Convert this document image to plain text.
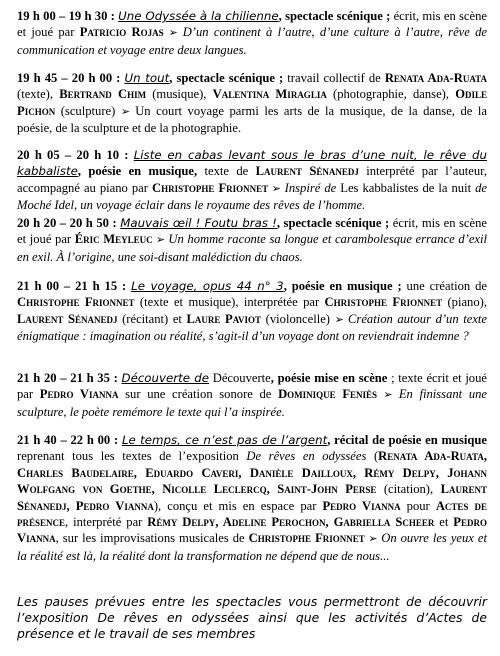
19 h 00 – 19 h 30 : Une Odyssée à la chilienne, spectacle scénique ; écrit, mis en scène et joué par Patricio Rojas ➢ D’un continent à l’autre, d’une culture à l’autre, rêve de communication et voyage entre deux langues.
19 h 45 – 20 h 00 : Un tout, spectacle scénique ; travail collectif de Renata Ada-Ruata (texte), Bertrand Chim (musique), Valentina Miraglia (photographie, danse), Odile Pichon (sculpture) ➢ Un court voyage parmi les arts de la musique, de la danse, de la poésie, de la sculpture et de la photographie.
20 h 05 – 20 h 10 : Liste en cabas levant sous le bras d’une nuit, le rêve du kabbaliste, poésie en musique, texte de Laurent Sénanedj interprété par l’auteur, accompagné au piano par Christophe Frionnet ➢ Inspiré de Les kabbalistes de la nuit de Moché Idel, un voyage éclair dans le royaume des rêves de l’homme.
20 h 20 – 20 h 50 : Mauvais œil ! Foutu bras !, spectacle scénique ; écrit, mis en scène et joué par Éric Meyleuc ➢ Un homme raconte sa longue et carambolesque errance d’exil en exil. À l’origine, une soi-disant malédiction du chaos.
21 h 00 – 21 h 15 : Le voyage, opus 44 n° 3, poésie en musique ; une création de Christophe Frionnet (texte et musique), interprétée par Christophe Frionnet (piano), Laurent Sénanedj (récitant) et Laure Paviot (violoncelle) ➢ Création autour d’un texte énigmatique : imagination ou réalité, s’agit-il d’un voyage dont on reviendrait indemne ?
21 h 20 – 21 h 35 : Découverte de Découverte, poésie mise en scène ; texte écrit et joué par Pedro Vianna sur une création sonore de Dominique Feniès ➢ En finissant une sculpture, le poète remémore le texte qui l’a inspirée.
21 h 40 – 22 h 00 : Le temps, ce n’est pas de l’argent, récital de poésie en musique reprenant tous les textes de l’exposition De rêves en odyssées (Renata Ada-Ruata, Charles Baudelaire, Eduardo Caveri, Danièle Dailloux, Rémy Delpy, Johann Wolfgang von Goethe, Nicolle Leclercq, Saint-John Perse (citation), Laurent Sénanedj, Pedro Vianna), conçu et mis en espace par Pedro Vianna pour Actes de présence, interprété par Rémy Delpy, Adeline Perochon, Gabriella Scheer et Pedro Vianna, sur les improvisations musicales de Christophe Frionnet ➢ On ouvre les yeux et la réalité est là, la réalité dont la transformation ne dépend que de nous...
Les pauses prévues entre les spectacles vous permettront de découvrir l’exposition De rêves en odyssées ainsi que les activités d’Actes de présence et le travail de ses membres
